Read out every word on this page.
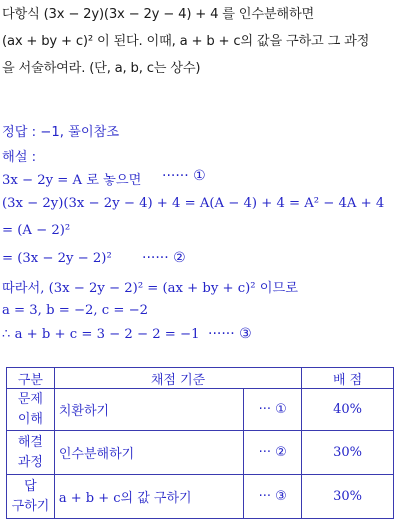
다항식 (3x − 2y)(3x − 2y − 4) + 4 를 인수분해하면
(ax + by + c)² 이 된다. 이때, a + b + c의 값을 구하고 그 과정
을 서술하여라. (단, a, b, c는 상수)
정답 : −1, 풀이참조
해설 :
3x − 2y = A 로 놓으면 ······ ①
(3x − 2y)(3x − 2y − 4) + 4 = A(A − 4) + 4 = A² − 4A + 4
= (A − 2)²
= (3x − 2y − 2)² ······ ②
따라서, (3x − 2y − 2)² = (ax + by + c)² 이므로
a = 3, b = −2, c = −2
∴ a + b + c = 3 − 2 − 2 = −1 ······ ③
구분	채점 기준		배 점

문제
이해	치환하기	··· ①	40%

해결
과정	인수분해하기	··· ②	30%

답
구하기	a + b + c의 값 구하기	··· ③	30%
